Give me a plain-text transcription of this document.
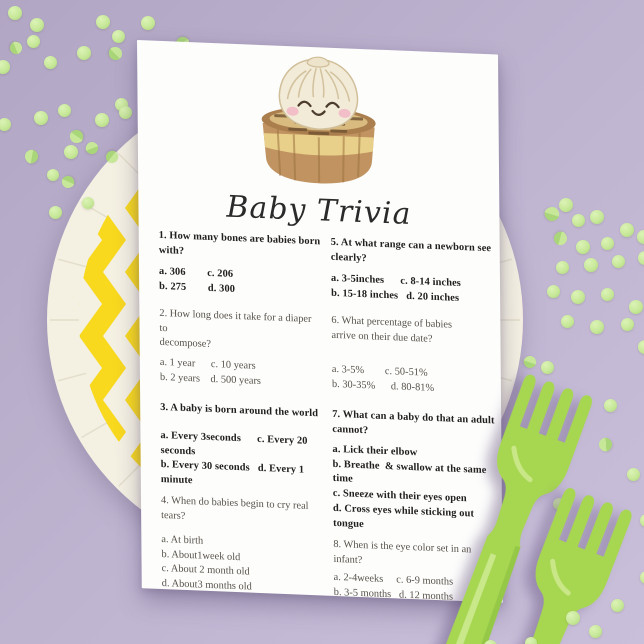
Baby Trivia
1. How many bones are babies born
with?
a. 306        c. 206
b. 275        d. 300
2. How long does it take for a diaper
to
decompose?
a. 1 year      c. 10 years
b. 2 years    d. 500 years
3. A baby is born around the world
a. Every 3seconds      c. Every 20
seconds
b. Every 30 seconds   d. Every 1
minute
4. When do babies begin to cry real
tears?
a. At birth
b. About1week old
c. About 2 month old
d. About3 months old
5. At what range can a newborn see
clearly?
a. 3-5inches      c. 8-14 inches
b. 15-18 inches   d. 20 inches
6. What percentage of babies
arrive on their due date?
a. 3-5%        c. 50-51%
b. 30-35%      d. 80-81%
7. What can a baby do that an adult
cannot?
a. Lick their elbow
b. Breathe  & swallow at the same
time
c. Sneeze with their eyes open
d. Cross eyes while sticking out
tongue
8. When is the eye color set in an
infant?
a. 2-4weeks     c. 6-9 months
b. 3-5 months   d. 12 months
